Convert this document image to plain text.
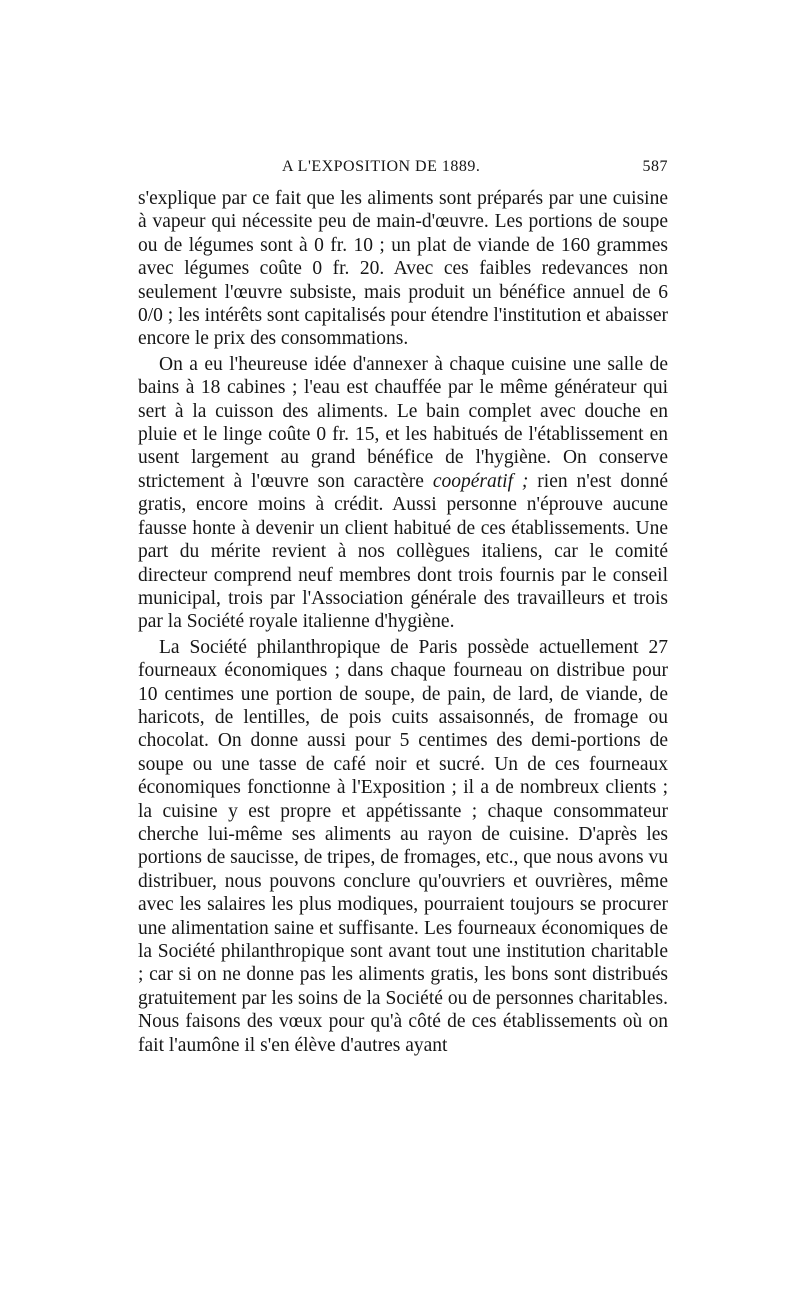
A L'EXPOSITION DE 1889.	587

s'explique par ce fait que les aliments sont préparés par une cuisine à vapeur qui nécessite peu de main-d'œuvre. Les portions de soupe ou de légumes sont à 0 fr. 10 ; un plat de viande de 160 grammes avec légumes coûte 0 fr. 20. Avec ces faibles redevances non seulement l'œuvre subsiste, mais produit un bénéfice annuel de 6 0/0 ; les intérêts sont capitalisés pour étendre l'institution et abaisser encore le prix des consommations.

On a eu l'heureuse idée d'annexer à chaque cuisine une salle de bains à 18 cabines ; l'eau est chauffée par le même générateur qui sert à la cuisson des aliments. Le bain complet avec douche en pluie et le linge coûte 0 fr. 15, et les habitués de l'établissement en usent largement au grand bénéfice de l'hygiène. On conserve strictement à l'œuvre son caractère coopératif ; rien n'est donné gratis, encore moins à crédit. Aussi personne n'éprouve aucune fausse honte à devenir un client habitué de ces établissements. Une part du mérite revient à nos collègues italiens, car le comité directeur comprend neuf membres dont trois fournis par le conseil municipal, trois par l'Association générale des travailleurs et trois par la Société royale italienne d'hygiène.

La Société philanthropique de Paris possède actuellement 27 fourneaux économiques ; dans chaque fourneau on distribue pour 10 centimes une portion de soupe, de pain, de lard, de viande, de haricots, de lentilles, de pois cuits assaisonnés, de fromage ou chocolat. On donne aussi pour 5 centimes des demi-portions de soupe ou une tasse de café noir et sucré. Un de ces fourneaux économiques fonctionne à l'Exposition ; il a de nombreux clients ; la cuisine y est propre et appétissante ; chaque consommateur cherche lui-même ses aliments au rayon de cuisine. D'après les portions de saucisse, de tripes, de fromages, etc., que nous avons vu distribuer, nous pouvons conclure qu'ouvriers et ouvrières, même avec les salaires les plus modiques, pourraient toujours se procurer une alimentation saine et suffisante. Les fourneaux économiques de la Société philanthropique sont avant tout une institution charitable ; car si on ne donne pas les aliments gratis, les bons sont distribués gratuitement par les soins de la Société ou de personnes charitables. Nous faisons des vœux pour qu'à côté de ces établissements où on fait l'aumône il s'en élève d'autres ayant
